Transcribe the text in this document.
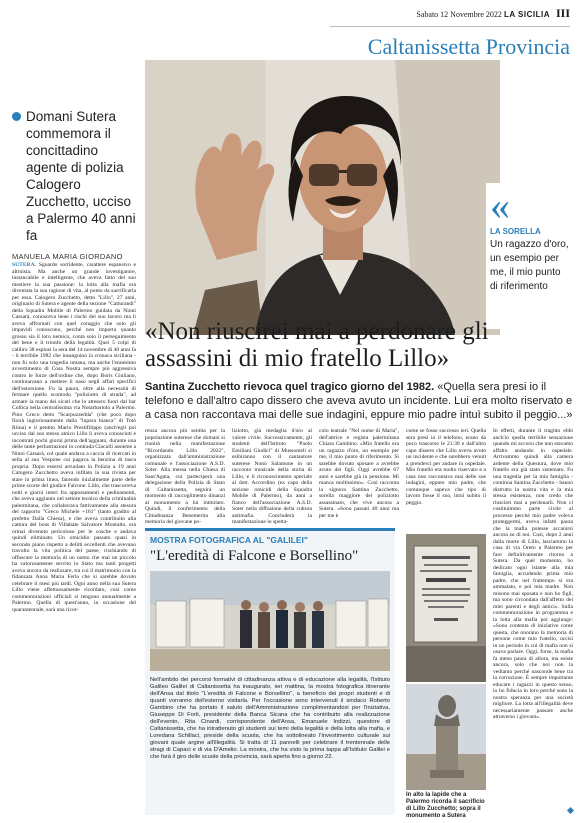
Sabato 12 Novembre 2022 LA SICILIA III
Caltanissetta Provincia

Domani Sutera commemora il concittadino agente di polizia Calogero Zucchetto, ucciso a Palermo 40 anni fa

«
LA SORELLA
Un ragazzo d'oro, un esempio per me, il mio punto di riferimento
MANUELA MARIA GIORDANO
«Non riuscirei mai a perdonare gli assassini di mio fratello Lillo»
Santina Zucchetto rievoca quel tragico giorno del 1982. «Quella sera presi io il telefono e dall'altro capo dissero che aveva avuto un incidente. Lui era molto riservato e a casa non raccontava mai delle sue indagini, eppure mio padre intuì subito il peggio...»
SUTERA. Sguardo sorridente, carattere espansivo e altruista. Ma anche un grande investigatore, instancabile e intelligente, che aveva fatto del suo mestiere la sua passione: la lotta alla mafia era diventata la sua ragione di vita, al punto da sacrificarla per essa. Calogero Zucchetto, detto "Lillo", 27 anni, originario di Sutera e agente della sezione "Catturandi" della Squadra Mobile di Palermo guidata da Ninni Cassarà, conosceva bene i rischi del suo lavoro ma li aveva affrontati con quel coraggio che solo gli impavidi conoscono, perché non importa quanto grosso sia il loro nemico, conta solo il perseguimento del bene e il trionfo della legalità. Quei 5 colpi di calibro 38 esplosi la sera del 14 novembre di 40 anni fa - il terribile 1982 che insanguinò la cronaca siciliana - non fu solo una tragedia umana, ma anche l'ennesimo avvertimento di Cosa Nostra sempre più aggressiva contro le forze dell'ordine che, dopo Boris Giuliano, continuavano a mettere il naso negli affari specifici dell'estorsione. Fu la paura, oltre alla necessità di fermare quello scomodo "poliziotto di strada", ad armare la mano dei sicari che lo attesero fuori dal bar Collica nella centralissima via Notarbartolo a Palermo. Pino Greco detto "Scarpuzzedda" (che poco dopo finirà ingloriosamente dalla "lupara bianca" di Totò Riina) e il pentito Mario Prestifilippo (anch'egli poi ucciso dal suo stesso amico Lillo li aveva conosciuti e incontrati pochi giorni prima dell'agguato, durante una delle tante perlustrazioni in contrada Ciaculli assieme a Ninni Cassarà, col quale andava a caccia di ricercati in sella al suo Vespone cui pagava la benzina di tasca propria. Dopo essersi arruolato in Polizia a 19 anni Calogero Zucchetto aveva infilato la sua rivista per stare in prima linea, facendo inizialmente parte delle prime scorte del giudice Falcone. Lillo, che trascorreva notti e giorni interi fra appostamenti e pedinamenti, che aveva aggiunto nel settore tecnico della criminalità palermitana, che collaborava fattivamente alla stesura del rapporto "Greco Michele +161" (tanto gradito al prefetto Dalla Chiesa), e che aveva contribuito alla cattura del boss di Villabate Salvatore Montalto, era ormai divenuto pericoloso per le cosche e andava quindi eliminato. Un omicidio passato quasi in secondo piano rispetto a delitti eccellenti che avevano travolto la vita politica del paese, rischiando di offuscare la memoria di un uomo che mai un piccolo ha valorosamente servito lo Stato ma tanti progetti aveva ancora da realizzare, tra cui il matrimonio con la fidanzata Anna Maria Ferla che si sarebbe dovuto celebrare il mesi più tardi. Ogni anno nella sua Sutera Lillo viene affettuosamente ricordato, così come commemorazioni ufficiali si tengono annualmente a Palermo. Quella di quest'anno, in occasione del quarantennale, sarà una ricor-
renza ancora più sentita per la popolazione suterese che domani si riunirà nella manifestazione "Ricordando Lillo 2022", organizzata dall'amministrazione comunale e l'associazione A.S.D. Soter. Alla messa nella Chiesa di Sant'Agata, cui parteciperà una delegazione della Polizia di Stato di Caltanissetta, seguirà un momento di raccoglimento dinanzi al monumento a lui intitolato. Quindi, il conferimento della Cittadinanza Benemerita alla memoria del giovane po-
liziotto, già medaglia d'oro al valore civile. Successivamente, gli studenti dell'Istituto "Paolo Emiliani Giudici" di Mussomeli si esibiranno con il cantautore suterese Nonò Salamone in un racconto musicale della storia di Lillo, e il riconoscimento speciale al dott. Accordino (ex capo della sezione omicidi della Squadra Mobile di Palermo), da anni a fianco dell'associazione A.S.D. Soter nella diffusione della cultura antimafia. Concluderà la manifestazione lo spetta-
colo teatrale "Nel nome di Maria", dell'attrice e regista palermitana Chiara Gambino. «Mio fratello era un ragazzo d'oro, un esempio per me, il mio punto di riferimento. Si sarebbe dovuto sposare a avrebbe avuto dei figli. Oggi avrebbe 67 anni e sarebbe già in pensione. Mi manca moltissimo». Così racconta la signora Santina Zucchetto, sorella maggiore del poliziotto assassinato, che vive ancora a Sutera. «Sono passati 40 anni ma per me è
come se fosse successo ieri. Quella sera presi io il telefono, erano da poco trascorse le 21:30 e dall'altro capo dissero che Lillo aveva avuto un incidente e che sarebbero venuti a prenderci per andare in ospedale. Mio fratello era molto riservato e a casa non raccontava mai delle sue indagini, eppure mio padre, che comunque sapeva che tipo di lavoro fosse il suo, intuì subito il peggio.
In effetti, durante il tragitto ebbi anch'io quella terribile sensazione quando mi accorsi che non stavamo affatto andando in ospedale. Arrivammo quindi alla camera ardente della Questura, dove mio fratello era già stato sistemato. Fu una tragedia per la mia famiglia - continua Santina Zucchetto - hanno distrutto la nostra vita e la mia stessa esistenza, non credo che riuscirei mai a perdonarli. Non ci costituimmo parte civile al processo perché mio padre voleva proteggermi, aveva infatti paura che la mafia potesse accanirsi ancora su di noi. Così, dopo 2 anni dalla morte di Lillo, lasciammo la casa di via Oreto a Palermo per fare definitivamente ritorno a Sutera. Da quel momento, ho dedicato ogni istante alla mia famiglia, accudendo prima mio padre, che nel frattempo si era ammalato, e poi mia madre. Non misono mai sposata e non ho figli, ma sono circondata dall'affetto dei miei parenti e degli amici». Sulla commemorazione in programma e la lotta alla mafia poi aggiunge: «Sono contenta di iniziative come questa, che onorano la memoria di persone come mio fratello, uccisi in un periodo in cui di mafia non si osava parlare. Oggi, forse, la mafia fa meno paura di allora, ma esiste ancora, solo che noi non la vediamo perché nasconde bene tra la corruzione. È sempre importante educare i ragazzi in questo senso, io ho fiducia in loro perché sono la nostra speranza per una società migliore. La lotta all'illegalità deve necessariamente passare anche attraverso i giovani».
MOSTRA FOTOGRAFICA AL "GALILEI"
"L'eredità di Falcone e Borsellino"
Nell'ambito dei percorsi formativi di cittadinanza attiva e di educazione alla legalità, l'Istituto Galileo Galilei di Caltanissetta ha inaugurato, ieri mattina, la mostra fotografica itinerante dell'Ansa dal titolo "L'eredità di Falcone e Borsellino", a beneficio dei propri studenti e di quanti vorranno dell'esterno visitarla. Per l'occasione sono intervenuti il sindaco Roberto Gambino che ha portato il saluto dell'Amministrazione complimentandosi per l'iniziativa, Giuseppe Di Forti, presidente della Banca Sicana che ha contribuito alla realizzazione dell'evento, Rita Cinardi, corrispondente dell'Ansa, Emanuele Indizzi, questore di Caltanissetta, che ha intrattenuto gli studenti sui temi della legalità e della lotta alla mafia, e Loredana Schillaci, preside della scuola, che ha sottolineato l'investimento culturale sui giovani quale argine all'illegalità. Si tratta di 11 pannelli per celebrare il trentennale delle stragi di Capaci e di via D'Amelio. La mostra, che ha visto la prima tappa all'Istituto Galilei e che farà il giro delle scuole della provincia, sarà aperta fino a giorno 22.
In alto la lapide che a Palermo ricorda il sacrificio di Lillo Zucchetto; sopra il monumento a Sutera
